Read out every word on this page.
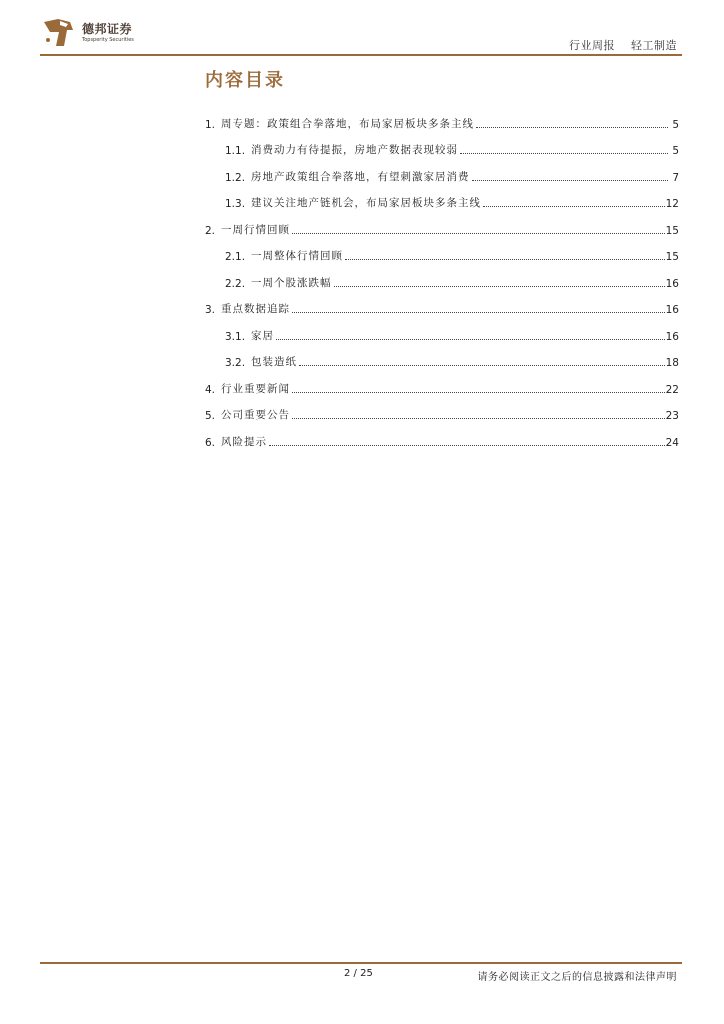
德邦证券
Topsperity Securities	行业周报 轻工制造
内容目录
1. 周专题：政策组合拳落地，布局家居板块多条主线	5
1.1. 消费动力有待提振，房地产数据表现较弱	5
1.2. 房地产政策组合拳落地，有望刺激家居消费	7
1.3. 建议关注地产链机会，布局家居板块多条主线	12
2. 一周行情回顾	15
2.1. 一周整体行情回顾	15
2.2. 一周个股涨跌幅	16
3. 重点数据追踪	16
3.1. 家居	16
3.2. 包装造纸	18
4. 行业重要新闻	22
5. 公司重要公告	23
6. 风险提示	24
2 / 25	请务必阅读正文之后的信息披露和法律声明
